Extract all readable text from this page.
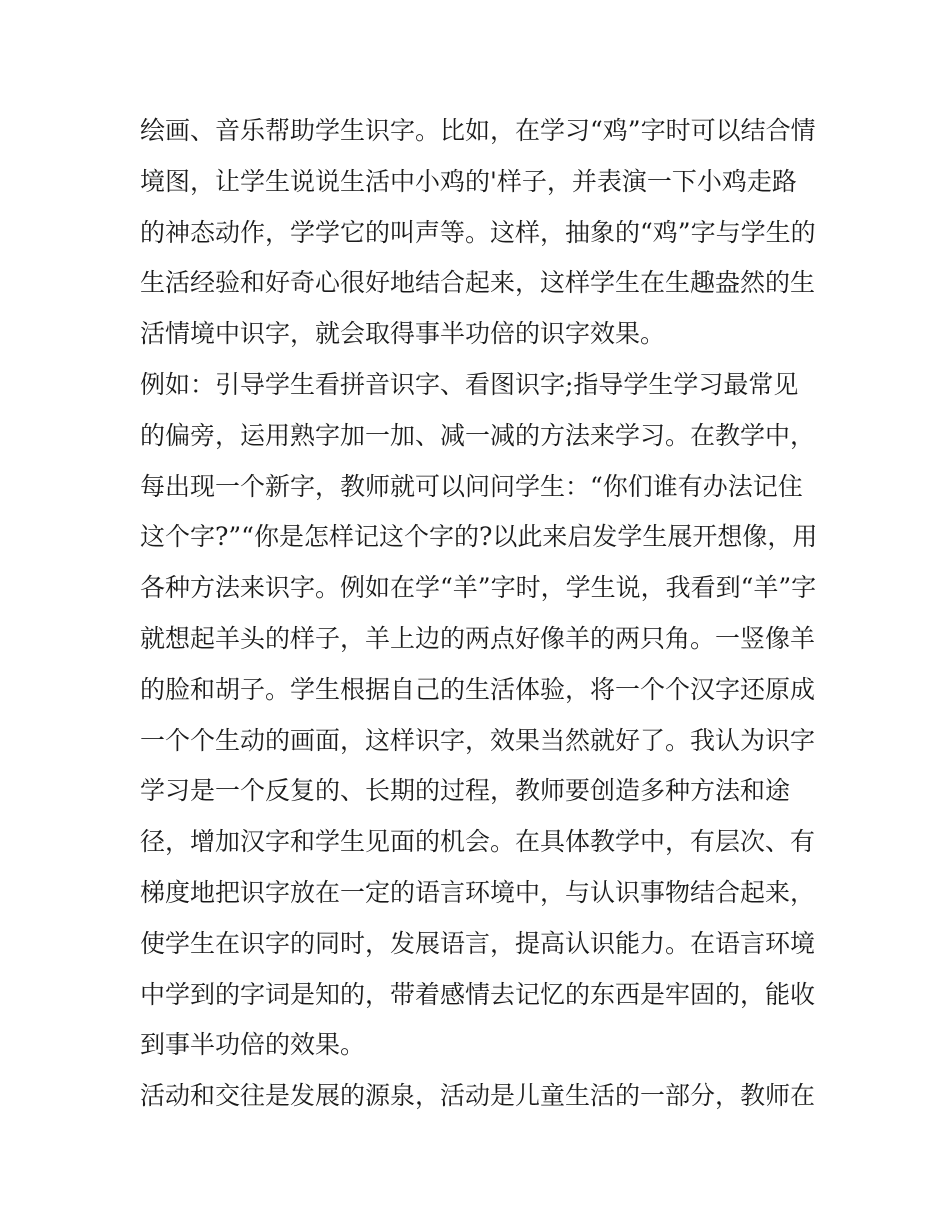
绘画、音乐帮助学生识字。比如，在学习“鸡”字时可以结合情
境图，让学生说说生活中小鸡的'样子，并表演一下小鸡走路
的神态动作，学学它的叫声等。这样，抽象的“鸡”字与学生的
生活经验和好奇心很好地结合起来，这样学生在生趣盎然的生
活情境中识字，就会取得事半功倍的识字效果。
例如：引导学生看拼音识字、看图识字;指导学生学习最常见
的偏旁，运用熟字加一加、减一减的方法来学习。在教学中，
每出现一个新字，教师就可以问问学生：“你们谁有办法记住
这个字?”“你是怎样记这个字的?以此来启发学生展开想像，用
各种方法来识字。例如在学“羊”字时，学生说，我看到“羊”字
就想起羊头的样子，羊上边的两点好像羊的两只角。一竖像羊
的脸和胡子。学生根据自己的生活体验，将一个个汉字还原成
一个个生动的画面，这样识字，效果当然就好了。我认为识字
学习是一个反复的、长期的过程，教师要创造多种方法和途
径，增加汉字和学生见面的机会。在具体教学中，有层次、有
梯度地把识字放在一定的语言环境中，与认识事物结合起来，
使学生在识字的同时，发展语言，提高认识能力。在语言环境
中学到的字词是知的，带着感情去记忆的东西是牢固的，能收
到事半功倍的效果。
活动和交往是发展的源泉，活动是儿童生活的一部分，教师在
